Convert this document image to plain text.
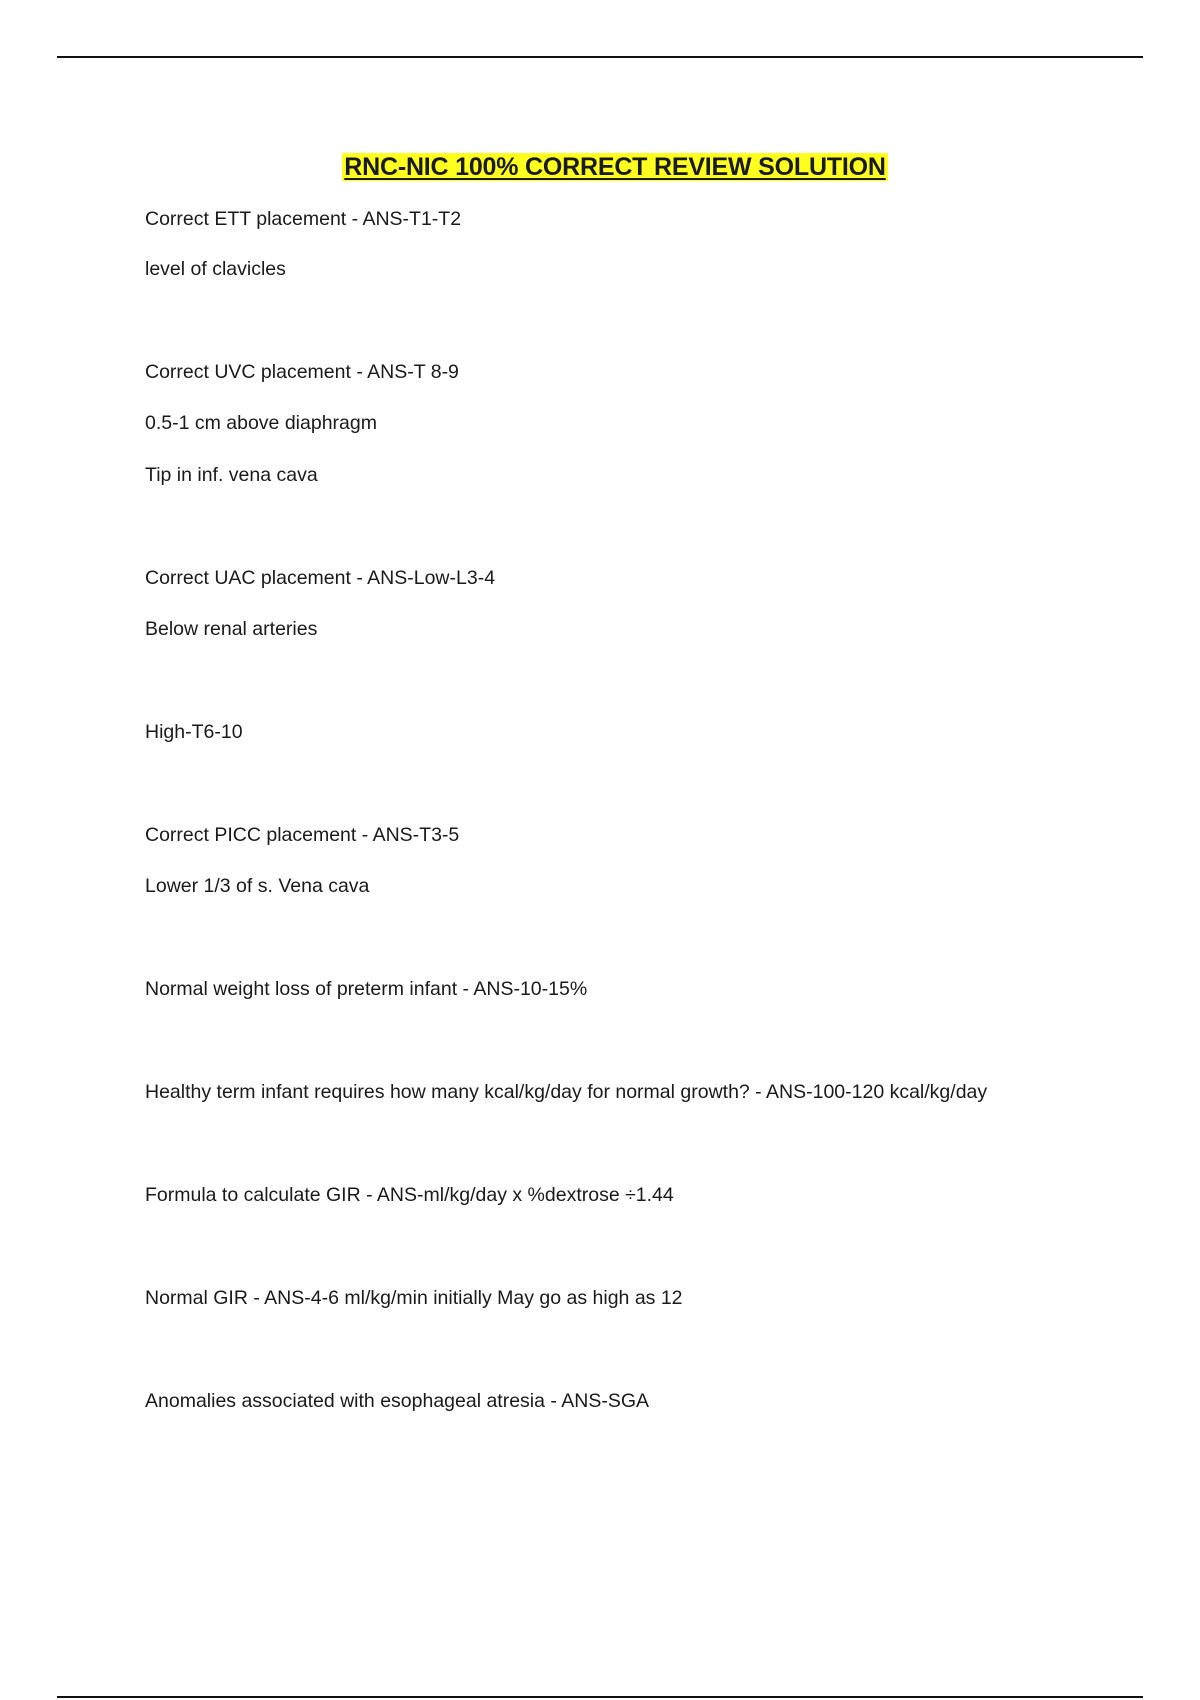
RNC-NIC 100% CORRECT REVIEW SOLUTION

Correct ETT placement - ANS-T1-T2

level of clavicles

Correct UVC placement - ANS-T 8-9

0.5-1 cm above diaphragm

Tip in inf. vena cava

Correct UAC placement - ANS-Low-L3-4

Below renal arteries

High-T6-10

Correct PICC placement - ANS-T3-5

Lower 1/3 of s. Vena cava

Normal weight loss of preterm infant - ANS-10-15%

Healthy term infant requires how many kcal/kg/day for normal growth? - ANS-100-120 kcal/kg/day

Formula to calculate GIR - ANS-ml/kg/day x %dextrose ÷1.44

Normal GIR - ANS-4-6 ml/kg/min initially May go as high as 12

Anomalies associated with esophageal atresia - ANS-SGA
